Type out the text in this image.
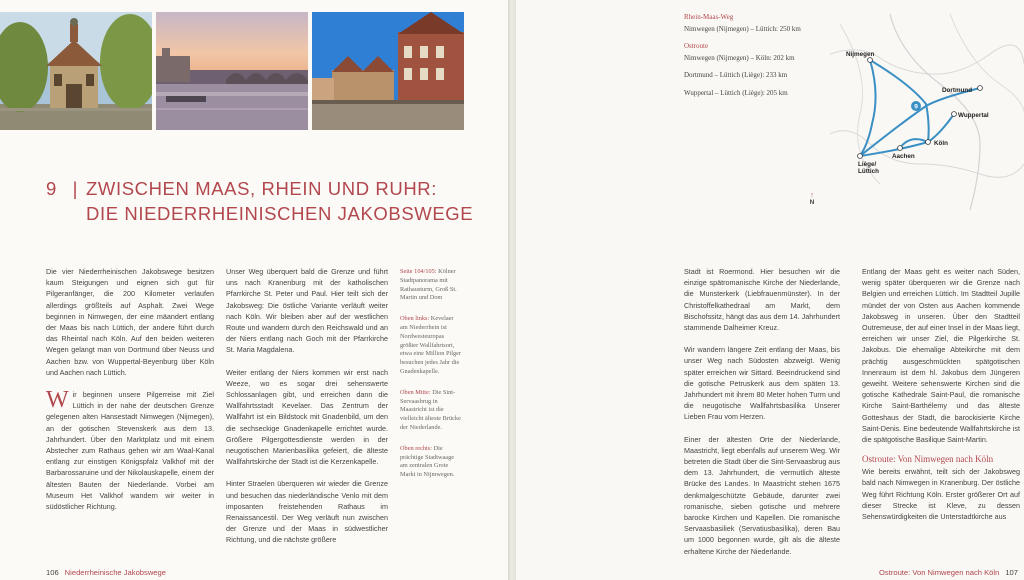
9 | ZWISCHEN MAAS, RHEIN UND RUHR:
DIE NIEDERRHEINISCHEN JAKOBSWEGE

Die vier Niederrheinischen Jakobswege besitzen kaum Steigungen und eignen sich gut für Pilgeranfänger, die 200 Kilometer verlaufen allerdings größteils auf Asphalt. Zwei Wege beginnen in Nimwegen, der eine mäandert entlang der Maas bis nach Lüttich, der andere führt durch das Rheintal nach Köln. Auf den beiden weiteren Wegen gelangt man von Dortmund über Neuss und Aachen bzw. von Wuppertal-Beyenburg über Köln und Aachen nach Lüttich.

Wir beginnen unsere Pilgerreise mit Ziel Lüttich in der nahe der deutschen Grenze gelegenen alten Hansestadt Nimwegen (Nijmegen), an der gotischen Stevenskerk aus dem 13. Jahrhundert. Über den Marktplatz und mit einem Abstecher zum Rathaus gehen wir am Waal-Kanal entlang zur einstigen Königspfalz Valkhof mit der Barbarossaruine und der Nikolauskapelle, einem der ältesten Bauten der Niederlande. Vorbei am Museum Het Valkhof wandern wir weiter in südöstlicher Richtung.

Unser Weg überquert bald die Grenze und führt uns nach Kranenburg mit der katholischen Pfarrkirche St. Peter und Paul. Hier teilt sich der Jakobsweg: Die östliche Variante verläuft weiter nach Köln. Wir bleiben aber auf der westlichen Route und wandern durch den Reichswald und an der Niers entlang nach Goch mit der Pfarrkirche St. Maria Magdalena.

Weiter entlang der Niers kommen wir erst nach Weeze, wo es sogar drei sehenswerte Schlossanlagen gibt, und erreichen dann die Wallfahrtsstadt Kevelaer. Das Zentrum der Wallfahrt ist ein Bildstock mit Gnadenbild, um den die sechseckige Gnadenkapelle errichtet wurde. Größere Pilgergottesdienste werden in der neugotischen Marienbasilika gefeiert, die älteste Wallfahrtskirche der Stadt ist die Kerzenkapelle.

Hinter Straelen überqueren wir wieder die Grenze und besuchen das niederländische Venlo mit dem imposanten freistehenden Rathaus im Renaissancestil. Der Weg verläuft nun zwischen der Grenze und der Maas in südwestlicher Richtung, und die nächste größere

Seite 104/105: Kölner Stadtpanorama mit Rathausturm, Groß St. Martin und Dom

Oben links: Kevelaer am Niederrhein ist Nordwesteuropas größter Wallfahrtsort, etwa eine Million Pilger besuchen jedes Jahr die Gnadenkapelle.

Oben Mitte: Die Sint-Servaasbrug in Maastricht ist die vielleicht älteste Brücke der Niederlande.

Oben rechts: Die prächtige Stadtwaage am zentralen Grote Markt in Nijmwegen.

106 Niederrheinische Jakobswege
Rhein-Maas-Weg
Nimwegen (Nijmegen) – Lüttich: 250 km
Ostroute
Nimwegen (Nijmegen) – Köln: 202 km
Dortmund – Lüttich (Liège): 233 km
Wuppertal – Lüttich (Liège): 205 km
9
Nijmegen
Dortmund
Wuppertal
Köln
Aachen
Liège/
Lüttich
↑
N

Stadt ist Roermond. Hier besuchen wir die einzige spätromanische Kirche der Niederlande, die Munsterkerk (Liebfrauenmünster). In der Christoffelkathedraal am Markt, dem Bischofssitz, hängt das aus dem 14. Jahrhundert stammende Dalheimer Kreuz.

Wir wandern längere Zeit entlang der Maas, bis unser Weg nach Südosten abzweigt. Wenig später erreichen wir Sittard. Beeindruckend sind die gotische Petruskerk aus dem späten 13. Jahrhundert mit ihrem 80 Meter hohen Turm und die neugotische Wallfahrtsbasilika Unserer Lieben Frau vom Herzen.

Einer der ältesten Orte der Niederlande, Maastricht, liegt ebenfalls auf unserem Weg. Wir betreten die Stadt über die Sint-Servaasbrug aus dem 13. Jahrhundert, die vermutlich älteste Brücke des Landes. In Maastricht stehen 1675 denkmalgeschützte Gebäude, darunter zwei romanische, sieben gotische und mehrere barocke Kirchen und Kapellen. Die romanische Servaasbasiliek (Servatiusbasilika), deren Bau um 1000 begonnen wurde, gilt als die älteste erhaltene Kirche der Niederlande.

Entlang der Maas geht es weiter nach Süden, wenig später überqueren wir die Grenze nach Belgien und erreichen Lüttich. Im Stadtteil Jupille mündet der von Osten aus Aachen kommende Jakobsweg in unseren. Über den Stadtteil Outremeuse, der auf einer Insel in der Maas liegt, erreichen wir unser Ziel, die Pilgerkirche St. Jakobus. Die ehemalige Abteikirche mit dem prächtig ausgeschmückten spätgotischen Innenraum ist dem hl. Jakobus dem Jüngeren geweiht. Weitere sehenswerte Kirchen sind die gotische Kathedrale Saint-Paul, die romanische Kirche Saint-Barthélemy und das älteste Gotteshaus der Stadt, die barockisierte Kirche Saint-Denis. Eine bedeutende Wallfahrtskirche ist die spätgotische Basilique Saint-Martin.

Ostroute: Von Nimwegen nach Köln

Wie bereits erwähnt, teilt sich der Jakobsweg bald nach Nimwegen in Kranenburg. Der östliche Weg führt Richtung Köln. Erster größerer Ort auf dieser Strecke ist Kleve, zu dessen Sehenswürdigkeiten die Unterstadtkirche aus

Ostroute: Von Nimwegen nach Köln 107
